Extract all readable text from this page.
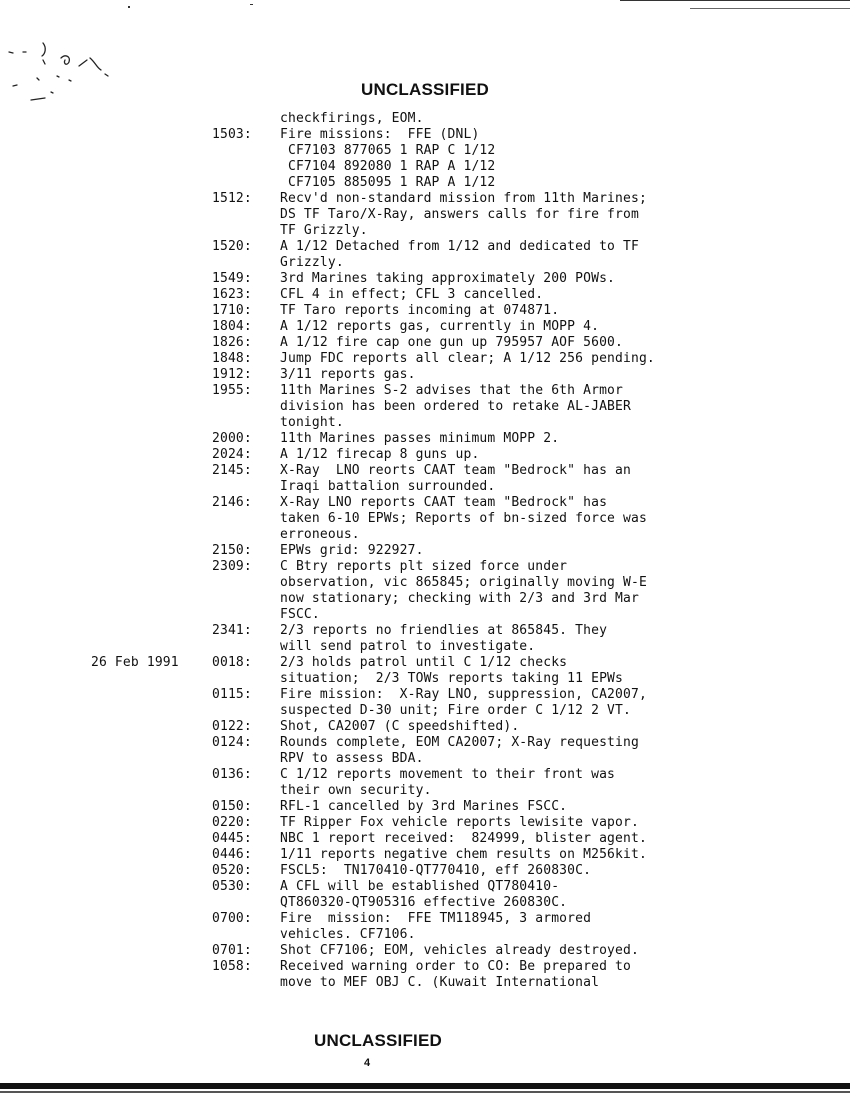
UNCLASSIFIED
checkfirings, EOM.
1503: Fire missions:  FFE (DNL)
CF7103 877065 1 RAP C 1/12
CF7104 892080 1 RAP A 1/12
CF7105 885095 1 RAP A 1/12
1512: Recv'd non-standard mission from 11th Marines;
DS TF Taro/X-Ray, answers calls for fire from
TF Grizzly.
1520: A 1/12 Detached from 1/12 and dedicated to TF
Grizzly.
1549: 3rd Marines taking approximately 200 POWs.
1623: CFL 4 in effect; CFL 3 cancelled.
1710: TF Taro reports incoming at 074871.
1804: A 1/12 reports gas, currently in MOPP 4.
1826: A 1/12 fire cap one gun up 795957 AOF 5600.
1848: Jump FDC reports all clear; A 1/12 256 pending.
1912: 3/11 reports gas.
1955: 11th Marines S-2 advises that the 6th Armor
division has been ordered to retake AL-JABER
tonight.
2000: 11th Marines passes minimum MOPP 2.
2024: A 1/12 firecap 8 guns up.
2145: X-Ray  LNO reorts CAAT team "Bedrock" has an
Iraqi battalion surrounded.
2146: X-Ray LNO reports CAAT team "Bedrock" has
taken 6-10 EPWs; Reports of bn-sized force was
erroneous.
2150: EPWs grid: 922927.
2309: C Btry reports plt sized force under
observation, vic 865845; originally moving W-E
now stationary; checking with 2/3 and 3rd Mar
FSCC.
2341: 2/3 reports no friendlies at 865845. They
will send patrol to investigate.
26 Feb 1991	0018: 2/3 holds patrol until C 1/12 checks
situation;  2/3 TOWs reports taking 11 EPWs
0115: Fire mission:  X-Ray LNO, suppression, CA2007,
suspected D-30 unit; Fire order C 1/12 2 VT.
0122: Shot, CA2007 (C speedshifted).
0124: Rounds complete, EOM CA2007; X-Ray requesting
RPV to assess BDA.
0136: C 1/12 reports movement to their front was
their own security.
0150: RFL-1 cancelled by 3rd Marines FSCC.
0220: TF Ripper Fox vehicle reports lewisite vapor.
0445: NBC 1 report received:  824999, blister agent.
0446: 1/11 reports negative chem results on M256kit.
0520: FSCL5:  TN170410-QT770410, eff 260830C.
0530: A CFL will be established QT780410-
QT860320-QT905316 effective 260830C.
0700: Fire  mission:  FFE TM118945, 3 armored
vehicles. CF7106.
0701: Shot CF7106; EOM, vehicles already destroyed.
1058: Received warning order to CO: Be prepared to
move to MEF OBJ C. (Kuwait International
UNCLASSIFIED
4
